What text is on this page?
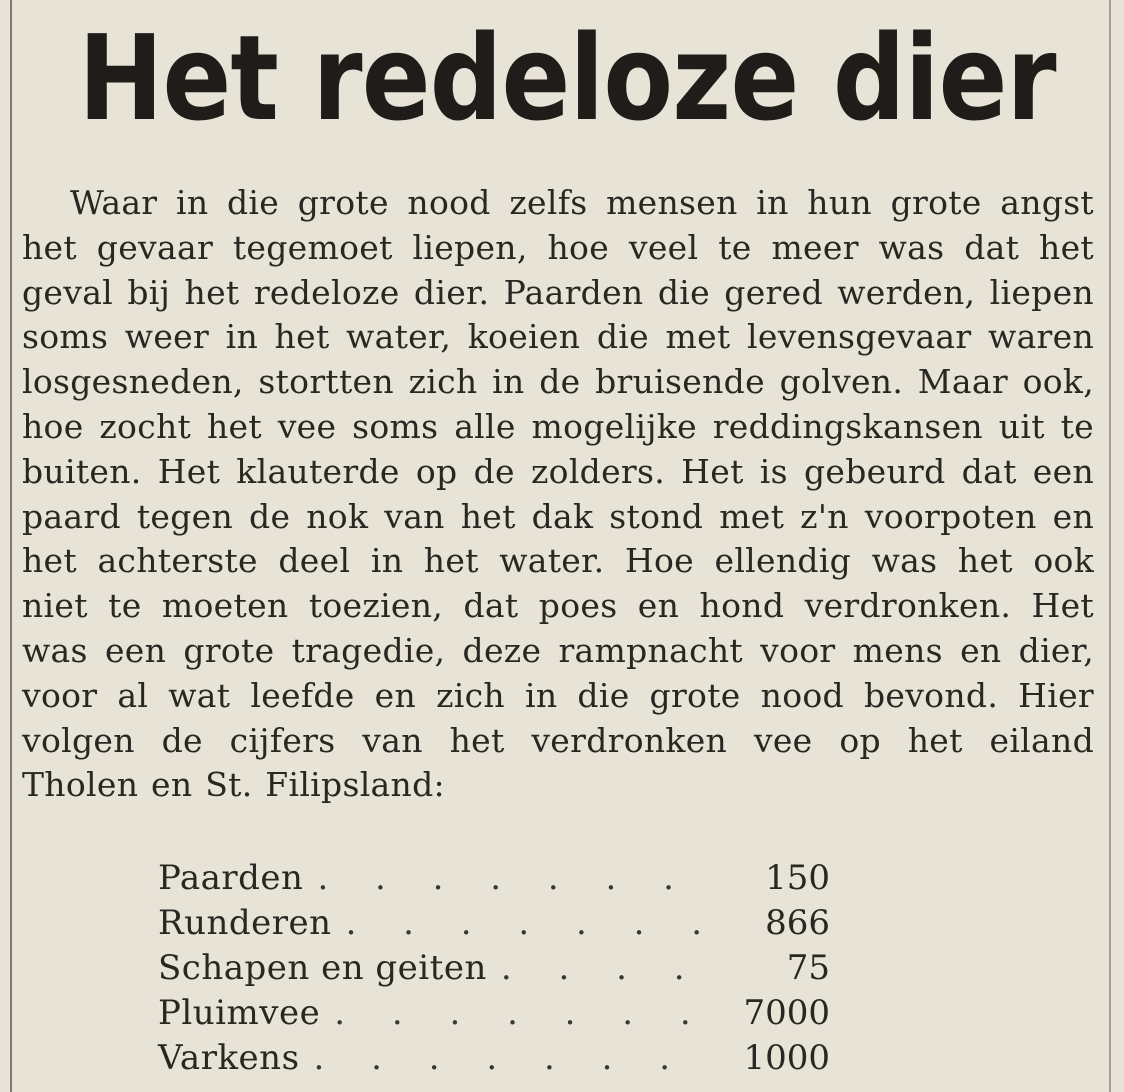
Het redeloze dier

Waar in die grote nood zelfs mensen in hun grote angst het gevaar tegemoet liepen, hoe veel te meer was dat het geval bij het redeloze dier. Paarden die gered werden, liepen soms weer in het water, koeien die met levensgevaar waren losgesneden, stortten zich in de bruisende golven. Maar ook, hoe zocht het vee soms alle mogelijke reddingskansen uit te buiten. Het klauterde op de zolders. Het is gebeurd dat een paard tegen de nok van het dak stond met z'n voorpoten en het achterste deel in het water. Hoe ellendig was het ook niet te moeten toezien, dat poes en hond verdronken. Het was een grote tragedie, deze rampnacht voor mens en dier, voor al wat leefde en zich in die grote nood bevond. Hier volgen de cijfers van het verdronken vee op het eiland Tholen en St. Filipsland:

Paarden . . .	150
Runderen . . .	866
Schapen en geiten . . .	75
Pluimvee . . .	7000
Varkens . . .	1000
